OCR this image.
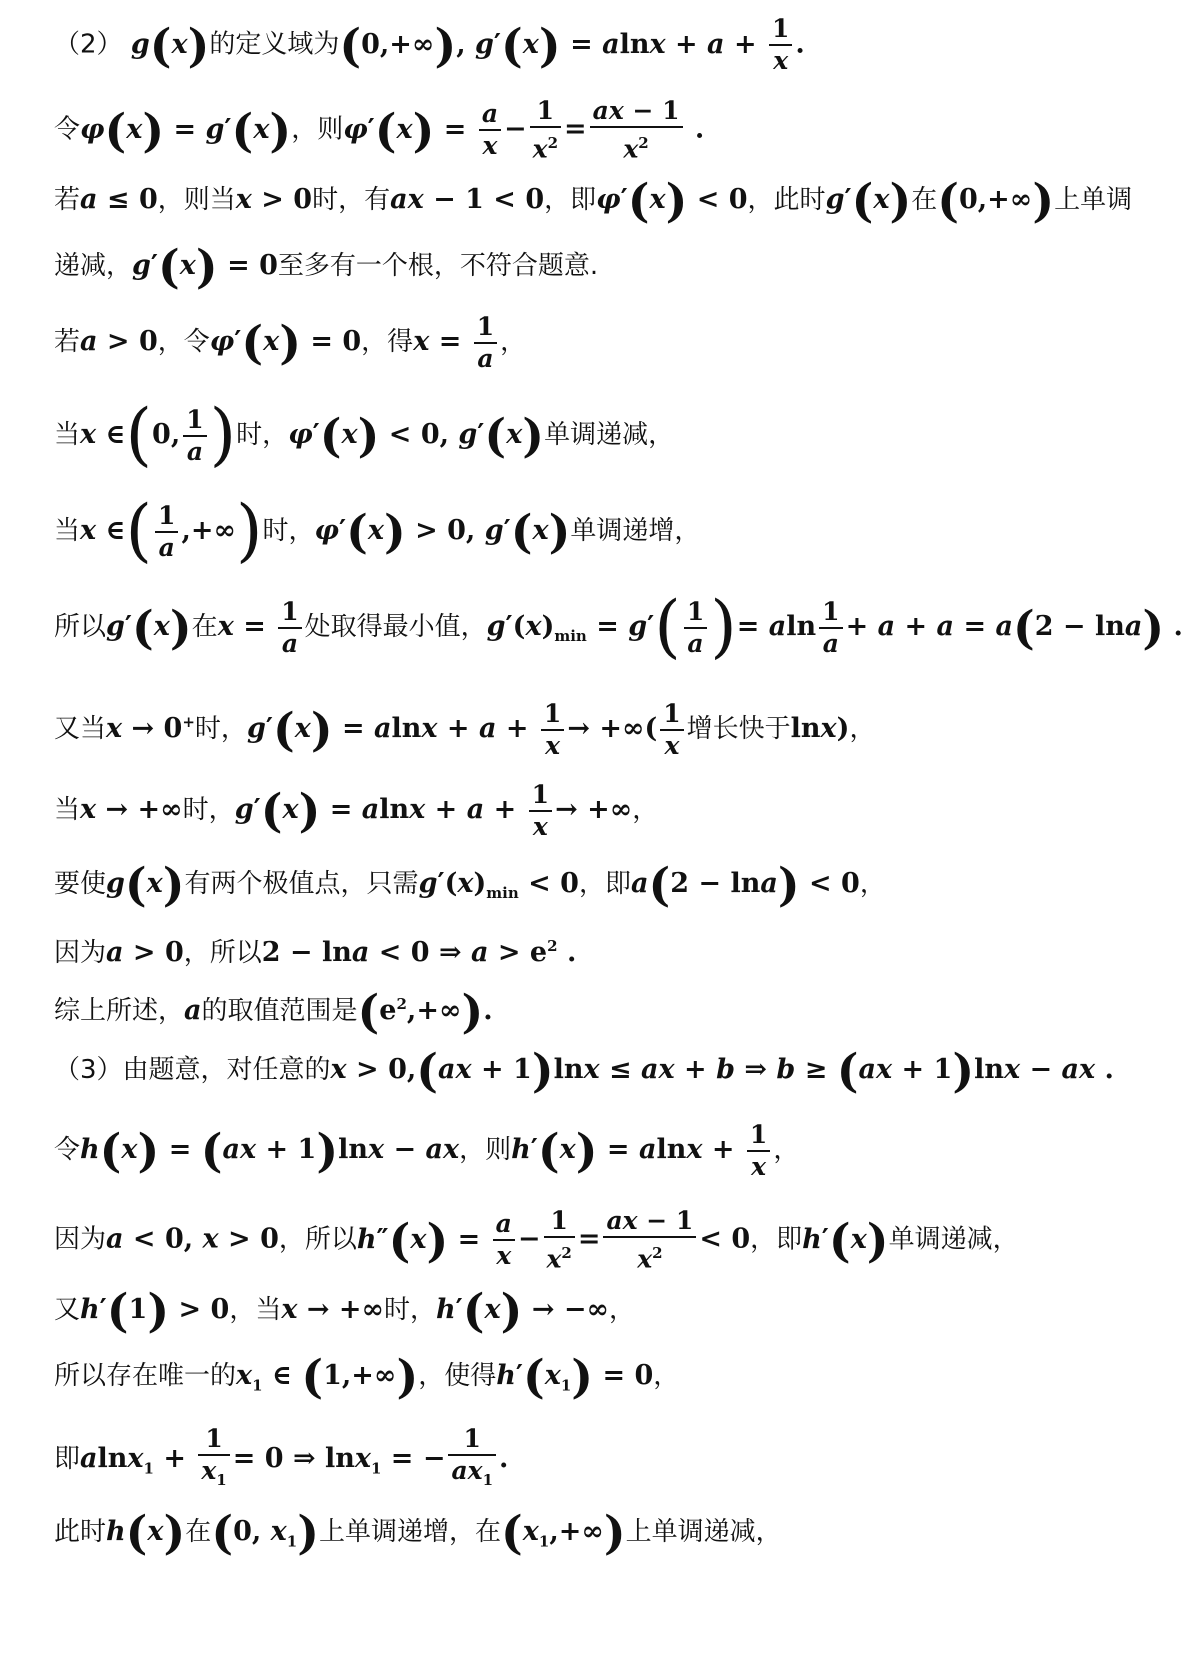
（2） g(x)的定义域为(0,+∞), $g'(x) = alnx + a + \frac{1}{x}$ .
令φ(x) = g′(x)，则$\varphi'(x) = \frac{a}{x} - \frac{1}{x^2} = \frac{ax - 1}{x^2}$ .
若a ≤ 0，则当x > 0时，有ax − 1 < 0，即φ′(x) < 0，此时g′(x)在(0,+∞)上单调
递减，g′(x) = 0至多有一个根，不符合题意.
若a > 0，令φ′(x) = 0，得$x = \frac{1}{a}$ ，
当x ∈(0, $\frac{1}{a}$ )时，φ′(x) < 0, g′(x)单调递减，
当x ∈( $\frac{1}{a}$ ,+∞)时，φ′(x) > 0, g′(x)单调递增，
所以g′(x)在$x = \frac{1}{a}$ 处取得最小值，$g'(x)_{min} = g'( \frac{1}{a}$ )= aln $\frac{1}{a} + a + a = a(2 - \ln a)$ .
又当x → 0+时，$g'(x) = alnx + a + \frac{1}{x}$ → +∞( $\frac{1}{x}$ 增长快于lnx)，
当x → +∞时，$g'(x) = alnx + a + \frac{1}{x}$ → +∞，
要使g(x)有两个极值点，只需$g'(x)_{min} < 0$，即a(2 − lna) < 0，
因为a > 0，所以2 − lna < 0 ⇒ $a > e^2$ .
综上所述，a的取值范围是$(e^2,+\infty)$.
（3）由题意，对任意的x > 0,(ax + 1)lnx ≤ ax + b ⇒ b ≥ (ax + 1)lnx − ax .
令h(x) = (ax + 1)lnx − ax，则$h'(x) = alnx + \frac{1}{x}$ ，
因为a < 0, x > 0，所以$h''(x) = \frac{a}{x} - \frac{1}{x^2} = \frac{ax - 1}{x^2} < 0$，即h′(x)单调递减，
又h′(1) > 0，当x → +∞时，h′(x) → −∞，
所以存在唯一的$x_1$ ∈ (1,+∞)，使得$h'(x_1) = 0$，
即$alnx_1 + \frac{1}{x_1} = 0$ ⇒ lnx$_1$ = − $\frac{1}{ax_1}$ .
此时h(x)在(0, $x_1$)上单调递增，在$(x_1,+\infty)$上单调递减，
